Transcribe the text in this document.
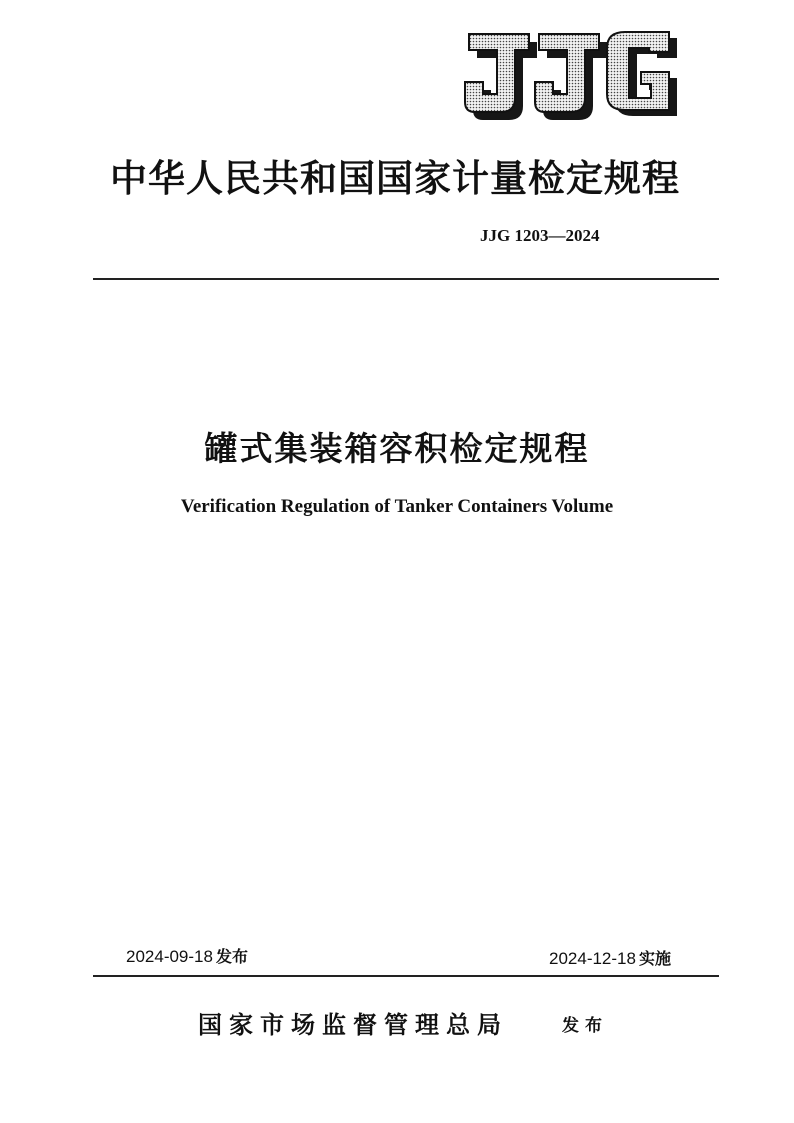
中华人民共和国国家计量检定规程
JJG 1203—2024
罐式集装箱容积检定规程
Verification Regulation of Tanker Containers Volume
2024-09-18 发布	2024-12-18 实施
国家市场监督管理总局	发布
